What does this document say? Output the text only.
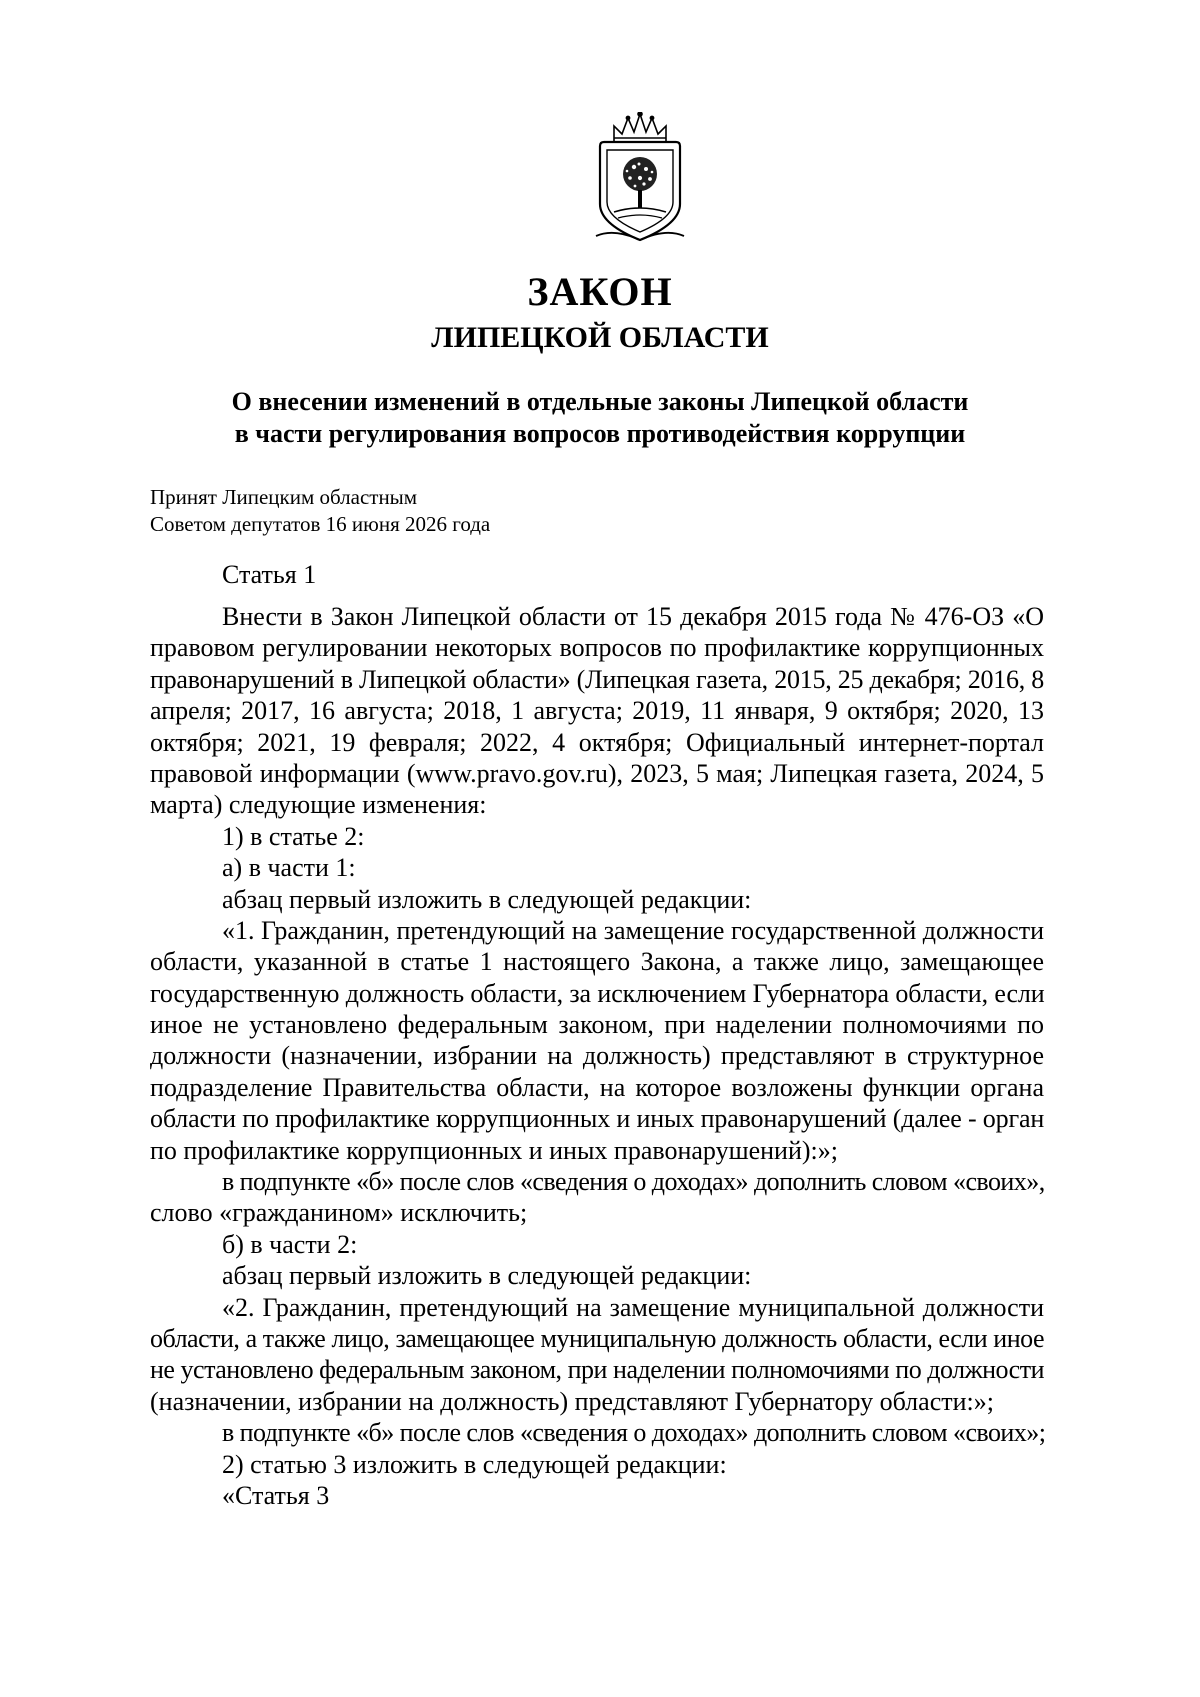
ЗАКОН
ЛИПЕЦКОЙ ОБЛАСТИ
О внесении изменений в отдельные законы Липецкой области
в части регулирования вопросов противодействия коррупции
Принят Липецким областным
Советом депутатов 16 июня 2026 года
Статья 1

Внести в Закон Липецкой области от 15 декабря 2015 года № 476-ОЗ «О

правовом регулировании некоторых вопросов по профилактике коррупционных

правонарушений в Липецкой области» (Липецкая газета, 2015, 25 декабря; 2016, 8

апреля; 2017, 16 августа; 2018, 1 августа; 2019, 11 января, 9 октября; 2020, 13

октября; 2021, 19 февраля; 2022, 4 октября; Официальный интернет-портал

правовой информации (www.pravo.gov.ru), 2023, 5 мая; Липецкая газета, 2024, 5

марта) следующие изменения:

1) в статье 2:

а) в части 1:

абзац первый изложить в следующей редакции:

«1. Гражданин, претендующий на замещение государственной должности

области, указанной в статье 1 настоящего Закона, а также лицо, замещающее

государственную должность области, за исключением Губернатора области, если

иное не установлено федеральным законом, при наделении полномочиями по

должности (назначении, избрании на должность) представляют в структурное

подразделение Правительства области, на которое возложены функции органа

области по профилактике коррупционных и иных правонарушений (далее - орган

по профилактике коррупционных и иных правонарушений):»;

в подпункте «б» после слов «сведения о доходах» дополнить словом «своих»,

слово «гражданином» исключить;

б) в части 2:

абзац первый изложить в следующей редакции:

«2. Гражданин, претендующий на замещение муниципальной должности

области, а также лицо, замещающее муниципальную должность области, если иное

не установлено федеральным законом, при наделении полномочиями по должности

(назначении, избрании на должность) представляют Губернатору области:»;

в подпункте «б» после слов «сведения о доходах» дополнить словом «своих»;

2) статью 3 изложить в следующей редакции:

«Статья 3
